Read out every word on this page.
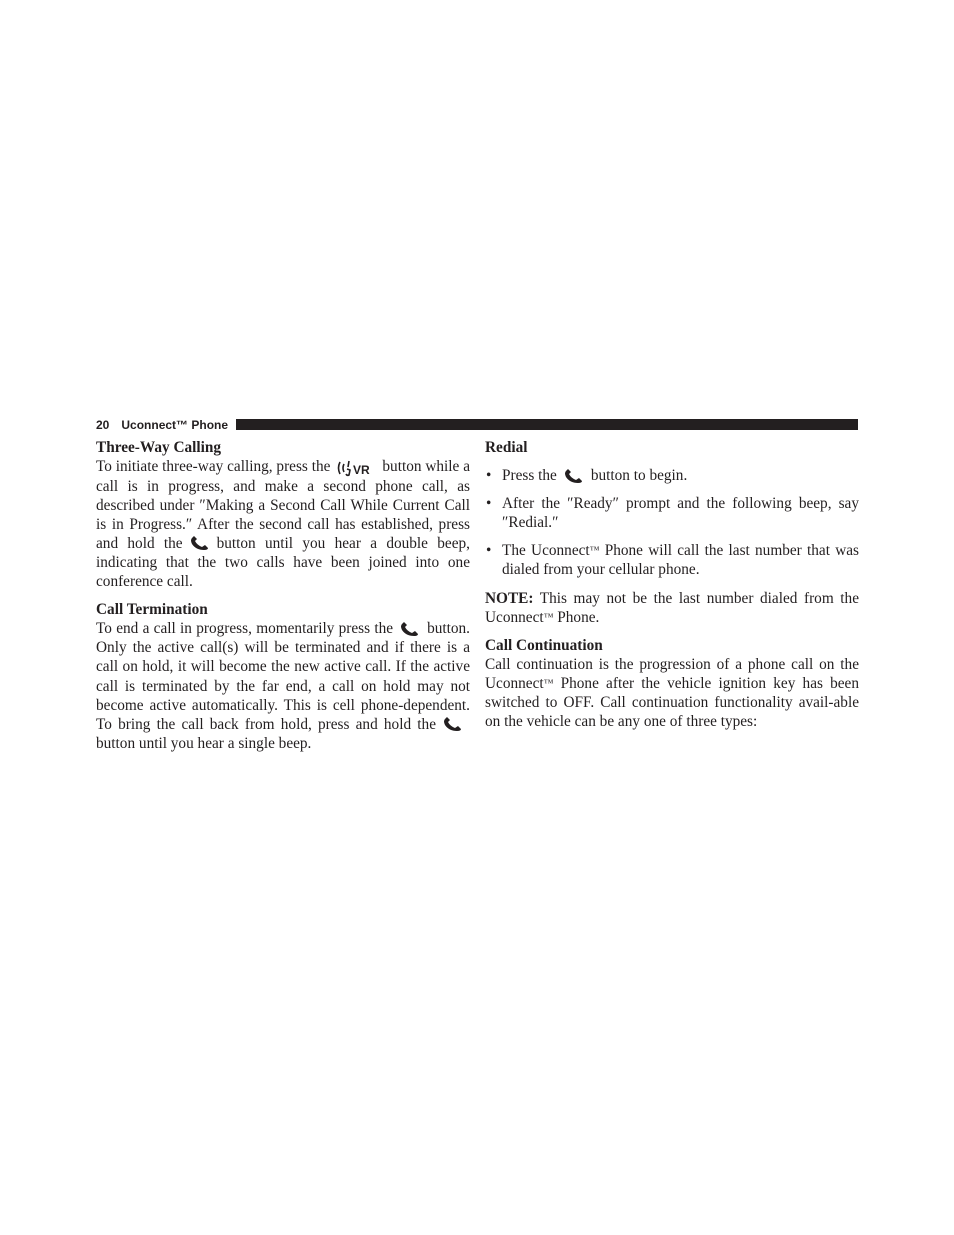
20 Uconnect™ Phone
Three-Way Calling

To initiate three-way calling, press the VR button while a call is in progress, and make a second phone call, as described under ″Making a Second Call While Current Call is in Progress.″ After the second call has established, press and hold the button until you hear a double beep, indicating that the two calls have been joined into one conference call.

Call Termination

To end a call in progress, momentarily press the button. Only the active call(s) will be terminated and if there is a call on hold, it will become the new active call. If the active call is terminated by the far end, a call on hold may not become active automatically. This is cell phone-dependent. To bring the call back from hold, press and hold thebutton until you hear a single beep.

Redial
• Press the button to begin.
• After the ″Ready″ prompt and the following beep, say ″Redial.″
• The Uconnect™ Phone will call the last number that was dialed from your cellular phone.

NOTE: This may not be the last number dialed from the Uconnect™ Phone.

Call Continuation

Call continuation is the progression of a phone call on the Uconnect™ Phone after the vehicle ignition key has been switched to OFF. Call continuation functionality avail-able on the vehicle can be any one of three types:
